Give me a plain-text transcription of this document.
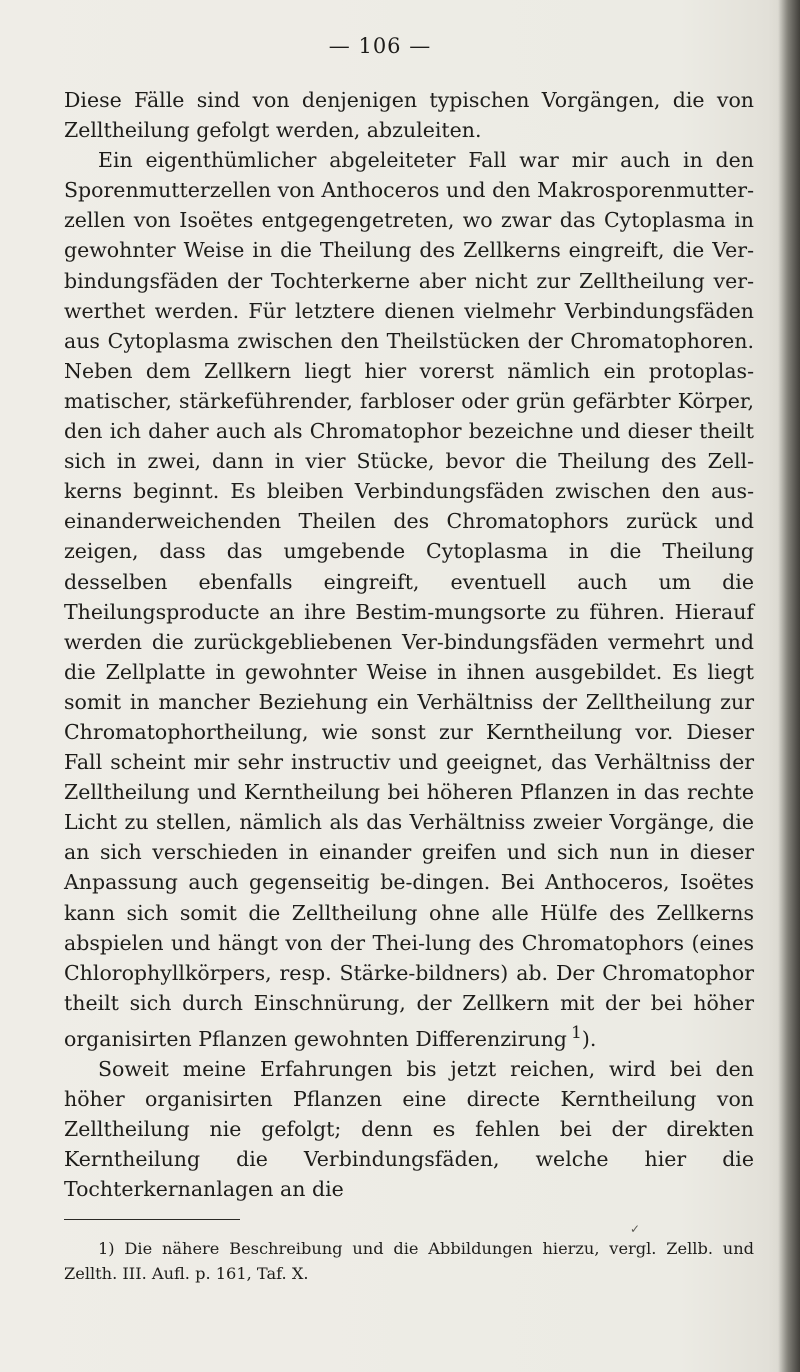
— 106 —

Diese Fälle sind von denjenigen typischen Vorgängen, die von Zelltheilung gefolgt werden, abzuleiten.

Ein eigenthümlicher abgeleiteter Fall war mir auch in den Sporenmutterzellen von Anthoceros und den Makrosporenmutter-zellen von Isoëtes entgegengetreten, wo zwar das Cytoplasma in gewohnter Weise in die Theilung des Zellkerns eingreift, die Ver-bindungsfäden der Tochterkerne aber nicht zur Zelltheilung ver-werthet werden. Für letztere dienen vielmehr Verbindungsfäden aus Cytoplasma zwischen den Theilstücken der Chromatophoren. Neben dem Zellkern liegt hier vorerst nämlich ein protoplas-matischer, stärkeführender, farbloser oder grün gefärbter Körper, den ich daher auch als Chromatophor bezeichne und dieser theilt sich in zwei, dann in vier Stücke, bevor die Theilung des Zell-kerns beginnt. Es bleiben Verbindungsfäden zwischen den aus-einanderweichenden Theilen des Chromatophors zurück und zeigen, dass das umgebende Cytoplasma in die Theilung desselben ebenfalls eingreift, eventuell auch um die Theilungsproducte an ihre Bestim-mungsorte zu führen. Hierauf werden die zurückgebliebenen Ver-bindungsfäden vermehrt und die Zellplatte in gewohnter Weise in ihnen ausgebildet. Es liegt somit in mancher Beziehung ein Verhältniss der Zelltheilung zur Chromatophortheilung, wie sonst zur Kerntheilung vor. Dieser Fall scheint mir sehr instructiv und geeignet, das Verhältniss der Zelltheilung und Kerntheilung bei höheren Pflanzen in das rechte Licht zu stellen, nämlich als das Verhältniss zweier Vorgänge, die an sich verschieden in einander greifen und sich nun in dieser Anpassung auch gegenseitig be-dingen. Bei Anthoceros, Isoëtes kann sich somit die Zelltheilung ohne alle Hülfe des Zellkerns abspielen und hängt von der Thei-lung des Chromatophors (eines Chlorophyllkörpers, resp. Stärke-bildners) ab. Der Chromatophor theilt sich durch Einschnürung, der Zellkern mit der bei höher organisirten Pflanzen gewohnten Differenzirung  $^1$).

Soweit meine Erfahrungen bis jetzt reichen, wird bei den höher organisirten Pflanzen eine directe Kerntheilung von Zelltheilung nie gefolgt; denn es fehlen bei der direkten Kerntheilung die Verbindungsfäden, welche hier die Tochterkernanlagen an die

✓

1) Die nähere Beschreibung und die Abbildungen hierzu, vergl. Zellb. und Zellth. III. Aufl. p. 161, Taf. X.
